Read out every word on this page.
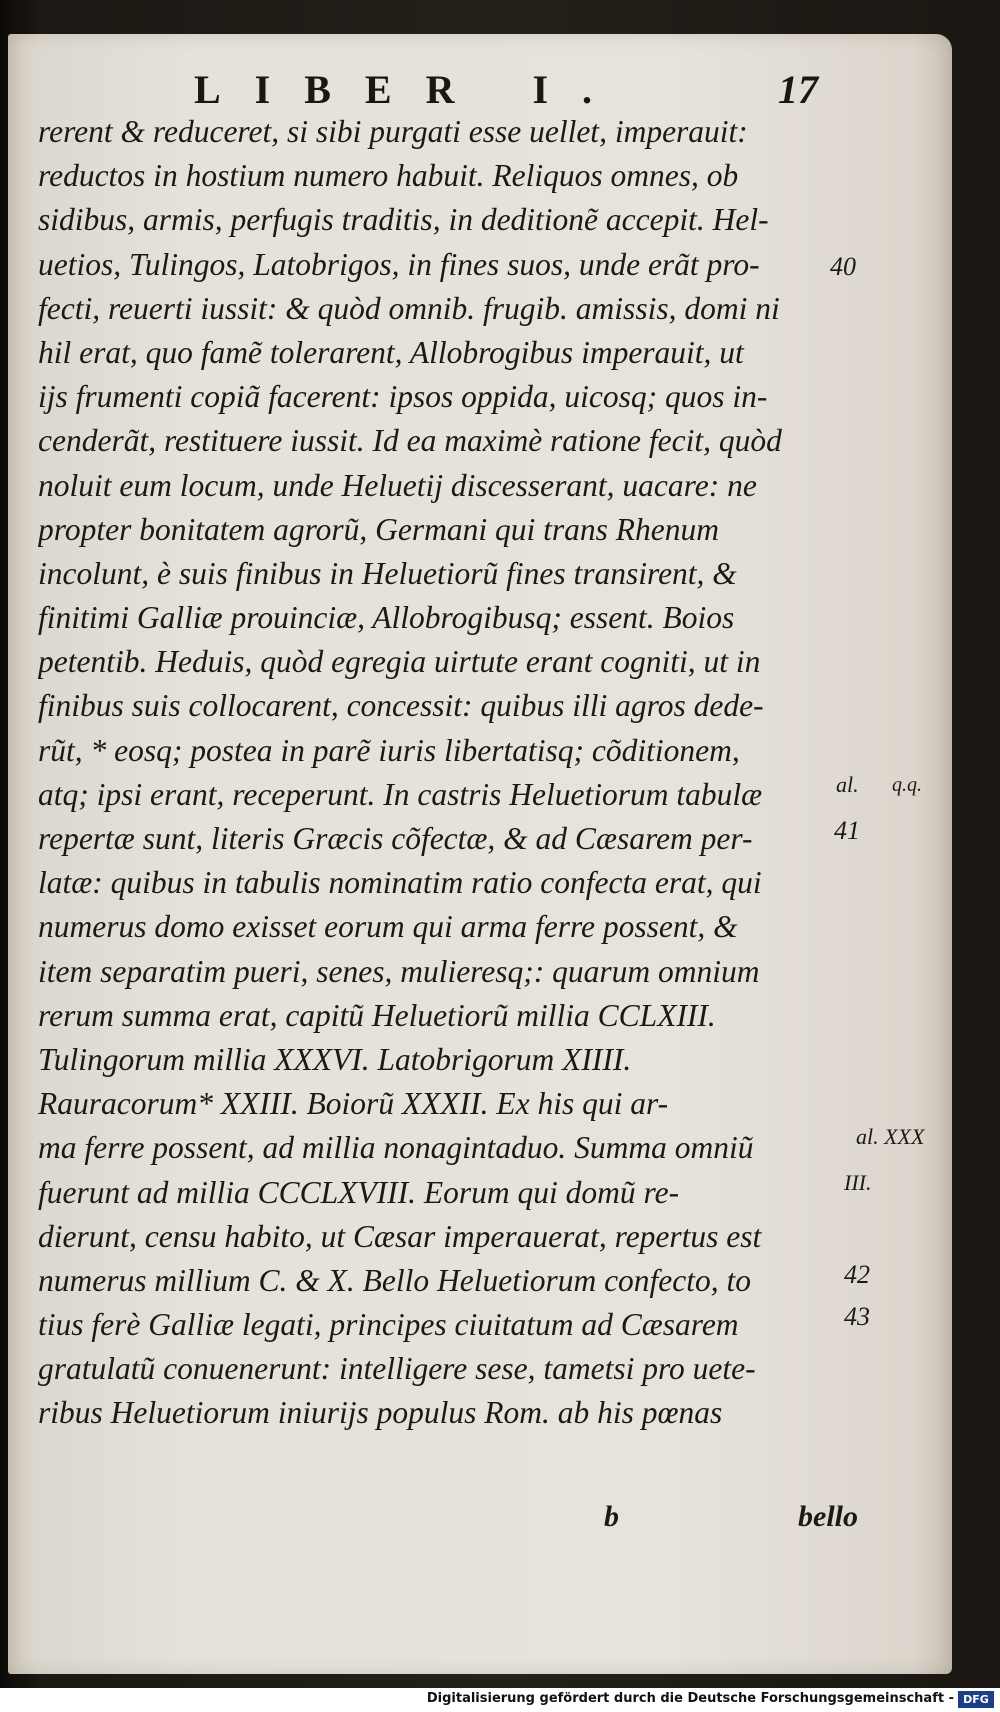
LIBER I.	17
rerent & reduceret, si sibi purgati esse uellet, imperauit:
reductos in hostium numero habuit. Reliquos omnes, ob
sidibus, armis, perfugis traditis, in deditionẽ accepit. Hel-
uetios, Tulingos, Latobrigos, in fines suos, unde erãt pro-
fecti, reuerti iussit: & quòd omnib. frugib. amissis, domi ni
hil erat, quo famẽ tolerarent, Allobrogibus imperauit, ut
ijs frumenti copiã facerent: ipsos oppida, uicosq; quos in-
cenderãt, restituere iussit. Id ea maximè ratione fecit, quòd
noluit eum locum, unde Heluetij discesserant, uacare: ne
propter bonitatem agrorũ, Germani qui trans Rhenum
incolunt, è suis finibus in Heluetiorũ fines transirent, &
finitimi Galliæ prouinciæ, Allobrogibusq; essent. Boios
petentib. Heduis, quòd egregia uirtute erant cogniti, ut in
finibus suis collocarent, concessit: quibus illi agros dede-
rũt, * eosq; postea in parẽ iuris libertatisq; cõditionem,
atq; ipsi erant, receperunt. In castris Heluetiorum tabulæ
repertæ sunt, literis Græcis cõfectæ, & ad Cæsarem per-
latæ: quibus in tabulis nominatim ratio confecta erat, qui
numerus domo exisset eorum qui arma ferre possent, &
item separatim pueri, senes, mulieresq;: quarum omnium
rerum summa erat, capitũ Heluetiorũ millia CCLXIII.
Tulingorum millia XXXVI. Latobrigorum XIIII.
Rauracorum* XXIII. Boiorũ XXXII. Ex his qui ar-
ma ferre possent, ad millia nonagintaduo. Summa omniũ
fuerunt ad millia CCCLXVIII. Eorum qui domũ re-
dierunt, censu habito, ut Cæsar imperauerat, repertus est
numerus millium C. & X. Bello Heluetiorum confecto, to
tius ferè Galliæ legati, principes ciuitatum ad Cæsarem
gratulatũ conuenerunt: intelligere sese, tametsi pro uete-
ribus Heluetiorum iniurijs populus Rom. ab his pœnas
40
al. q.q.
41
al. XXX
III.
42
43
b	bello
Digitalisierung gefördert durch die Deutsche Forschungsgemeinschaft - DFG
